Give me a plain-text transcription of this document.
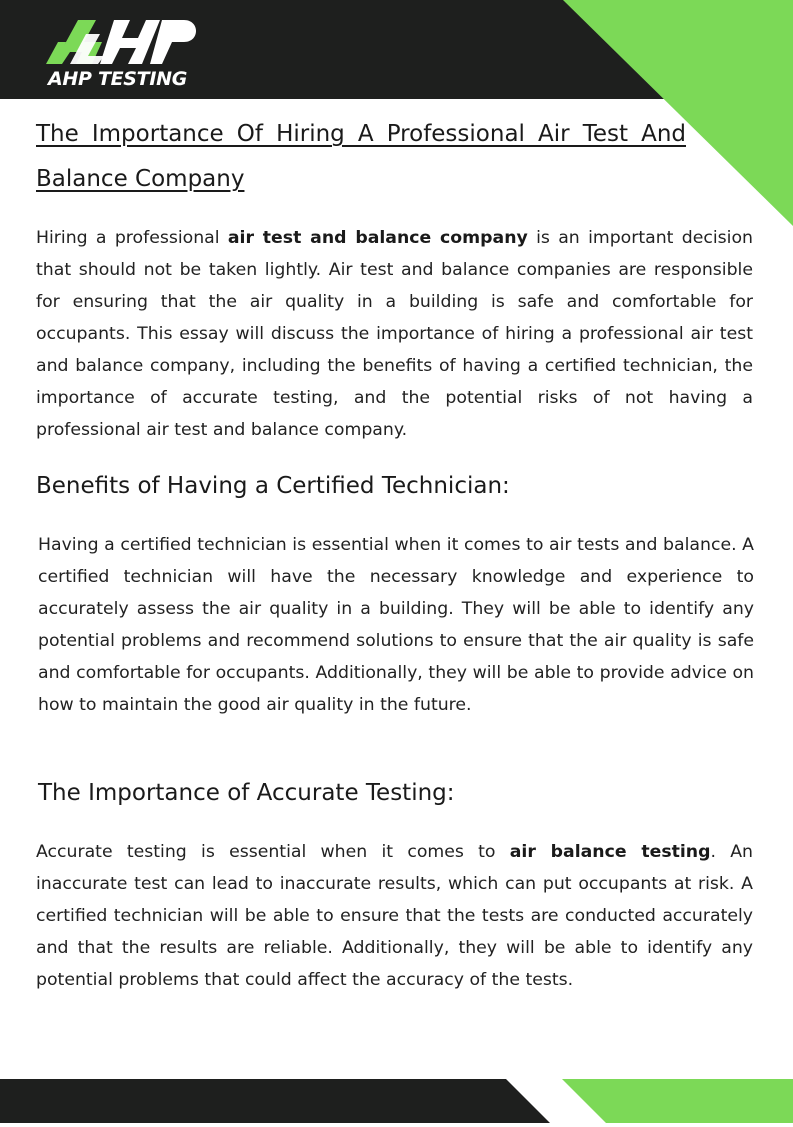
AHP TESTING
The Importance Of Hiring A Professional Air Test And Balance Company

Hiring a professional air test and balance company is an important decision that should not be taken lightly. Air test and balance companies are responsible for ensuring that the air quality in a building is safe and comfortable for occupants. This essay will discuss the importance of hiring a professional air test and balance company, including the benefits of having a certified technician, the importance of accurate testing, and the potential risks of not having a professional air test and balance company.

Benefits of Having a Certified Technician:

Having a certified technician is essential when it comes to air tests and balance. A certified technician will have the necessary knowledge and experience to accurately assess the air quality in a building. They will be able to identify any potential problems and recommend solutions to ensure that the air quality is safe and comfortable for occupants. Additionally, they will be able to provide advice on how to maintain the good air quality in the future.

The Importance of Accurate Testing:

Accurate testing is essential when it comes to air balance testing. An inaccurate test can lead to inaccurate results, which can put occupants at risk. A certified technician will be able to ensure that the tests are conducted accurately and that the results are reliable. Additionally, they will be able to identify any potential problems that could affect the accuracy of the tests.
